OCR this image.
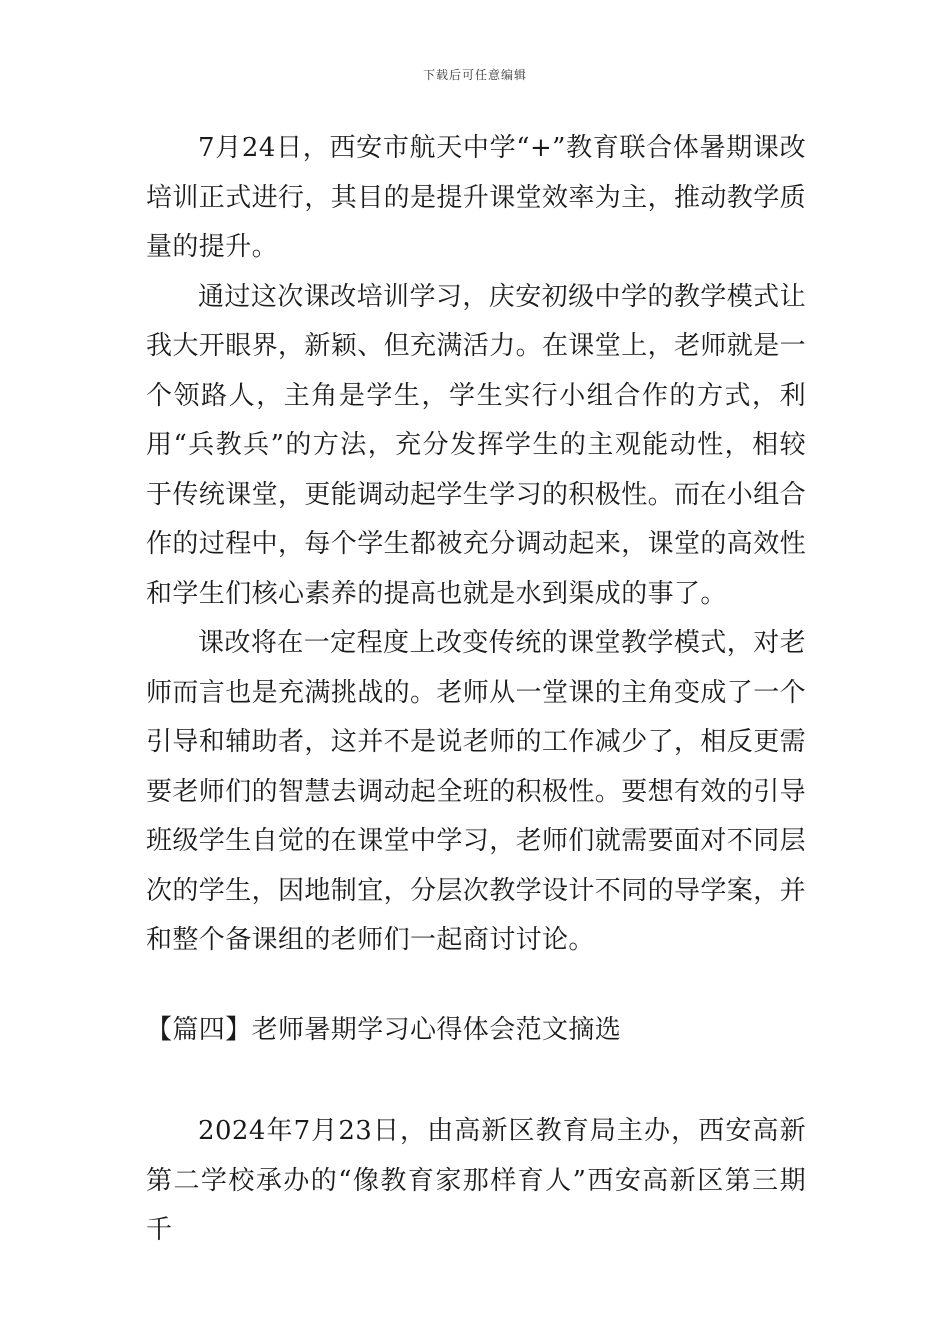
下载后可任意编辑

7月24日，西安市航天中学“+”教育联合体暑期课改培训正式进行，其目的是提升课堂效率为主，推动教学质量的提升。

通过这次课改培训学习，庆安初级中学的教学模式让我大开眼界，新颖、但充满活力。在课堂上，老师就是一个领路人，主角是学生，学生实行小组合作的方式，利用“兵教兵”的方法，充分发挥学生的主观能动性，相较于传统课堂，更能调动起学生学习的积极性。而在小组合作的过程中，每个学生都被充分调动起来，课堂的高效性和学生们核心素养的提高也就是水到渠成的事了。

课改将在一定程度上改变传统的课堂教学模式，对老师而言也是充满挑战的。老师从一堂课的主角变成了一个引导和辅助者，这并不是说老师的工作减少了，相反更需要老师们的智慧去调动起全班的积极性。要想有效的引导班级学生自觉的在课堂中学习，老师们就需要面对不同层次的学生，因地制宜，分层次教学设计不同的导学案，并和整个备课组的老师们一起商讨讨论。

【篇四】老师暑期学习心得体会范文摘选

2024年7月23日，由高新区教育局主办，西安高新第二学校承办的“像教育家那样育人”西安高新区第三期千
